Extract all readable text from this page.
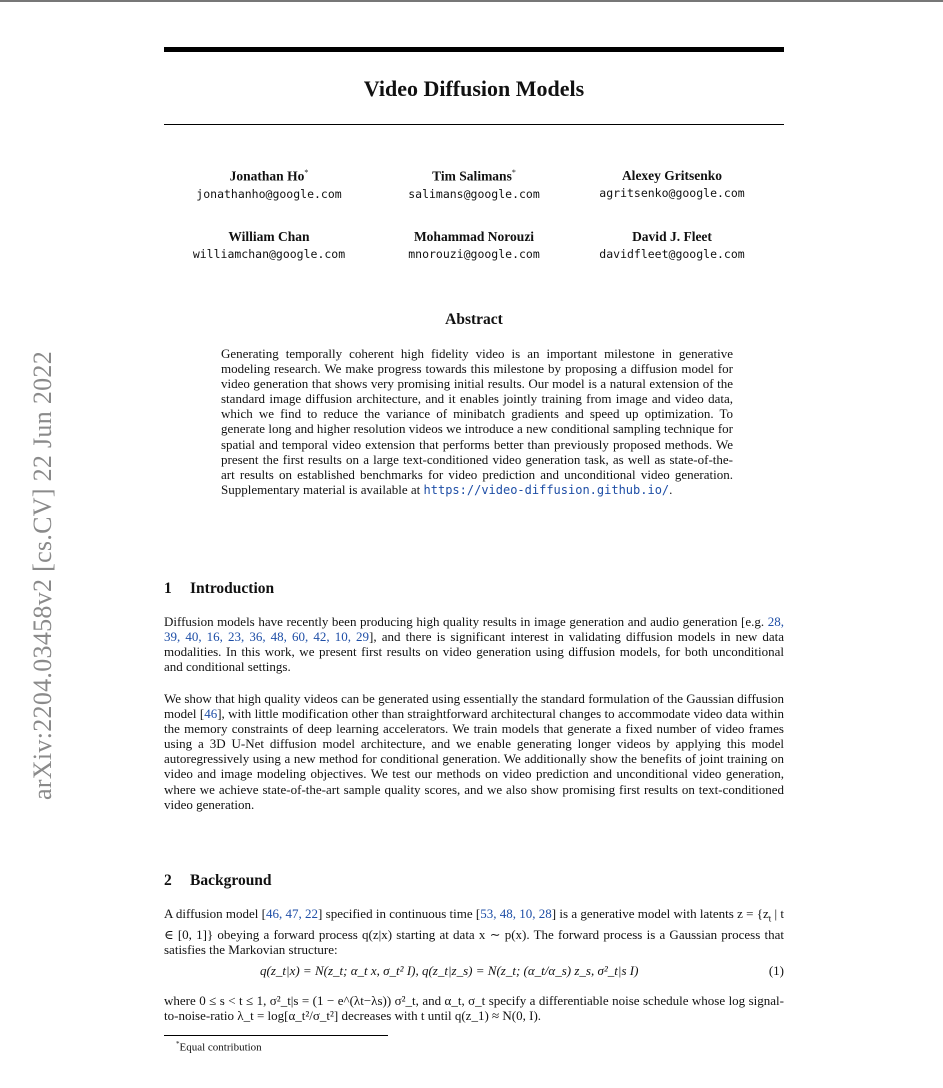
arXiv:2204.03458v2 [cs.CV] 22 Jun 2022
Video Diffusion Models
Jonathan Ho*
jonathanho@google.com
Tim Salimans*
salimans@google.com
Alexey Gritsenko
agritsenko@google.com
William Chan
williamchan@google.com
Mohammad Norouzi
mnorouzi@google.com
David J. Fleet
davidfleet@google.com
Abstract
Generating temporally coherent high fidelity video is an important milestone in generative modeling research. We make progress towards this milestone by proposing a diffusion model for video generation that shows very promising initial results. Our model is a natural extension of the standard image diffusion architecture, and it enables jointly training from image and video data, which we find to reduce the variance of minibatch gradients and speed up optimization. To generate long and higher resolution videos we introduce a new conditional sampling technique for spatial and temporal video extension that performs better than previously proposed methods. We present the first results on a large text-conditioned video generation task, as well as state-of-the-art results on established benchmarks for video prediction and unconditional video generation. Supplementary material is available at https://video-diffusion.github.io/.
1 Introduction
Diffusion models have recently been producing high quality results in image generation and audio generation [e.g. 28, 39, 40, 16, 23, 36, 48, 60, 42, 10, 29], and there is significant interest in validating diffusion models in new data modalities. In this work, we present first results on video generation using diffusion models, for both unconditional and conditional settings.
We show that high quality videos can be generated using essentially the standard formulation of the Gaussian diffusion model [46], with little modification other than straightforward architectural changes to accommodate video data within the memory constraints of deep learning accelerators. We train models that generate a fixed number of video frames using a 3D U-Net diffusion model architecture, and we enable generating longer videos by applying this model autoregressively using a new method for conditional generation. We additionally show the benefits of joint training on video and image modeling objectives. We test our methods on video prediction and unconditional video generation, where we achieve state-of-the-art sample quality scores, and we also show promising first results on text-conditioned video generation.
2 Background
A diffusion model [46, 47, 22] specified in continuous time [53, 48, 10, 28] is a generative model with latents $z = \{z_t$ | t ∈ [0, 1]} obeying a forward process q(z|x) starting at data x ∼ p(x). The forward process is a Gaussian process that satisfies the Markovian structure:
q(z_t|x) = N(z_t; α_t x, σ_t² I), q(z_t|z_s) = N(z_t; (α_t/α_s) z_s, σ²_t|s I)	(1)
where 0 ≤ s < t ≤ 1, σ²_t|s = (1 − e^(λt−λs)) σ²_t, and α_t, σ_t specify a differentiable noise schedule whose log signal-to-noise-ratio λ_t = log[α_t²/σ_t²] decreases with t until q(z_1) ≈ N(0, I).
*Equal contribution
